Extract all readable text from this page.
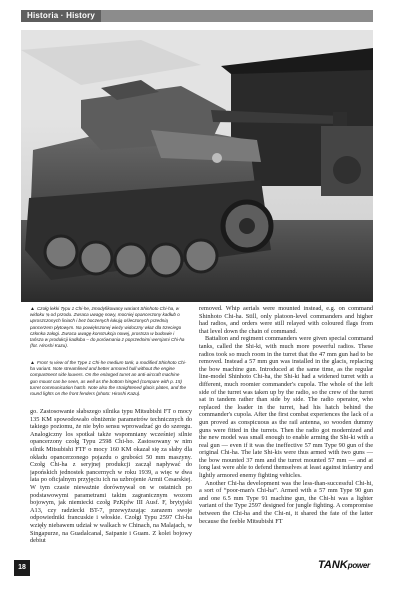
Historia · History

▲ Czołg lekki Typu 1 Chi-he, zmodyfikowany wariant Shinhoto Chi-ha, w widoku ¾ od przodu. Zwraca uwagę nowy, mocniej opancerzony kadłub o uproszczonych liniach i bez boczenych łukują ośleczonych przednią pancerzem płytowym. Na powiększonej wieży widoczny właz dla trzeciego członka załogi. Zwraca uwagę konstrukcja nowej, prostsza w budowie i tańsza w produkcji kadłuba – do porównania z poprzednimi wersjami Chi-ha (fot. Hiroshi Kazu).

▲ Front ¾ view of the Type 1 Chi-he medium tank, a modified Shinhoto Chi-ha variant. Note streamlined and better armored hull without the engine compartment side louvers. On the enlarged turret an anti-aircraft machine gun mount can be seen, as well as the bottom hinged (compare with p. 15) turret communication hatch. Note also the straightened glacis plates, and the round lights on the front fenders (photo: Hiroshi Kazu).

go. Zastosowanie słabszego silnika typu Mitsubishi FT o mocy 135 KM spowodowało obniżenie parametrów technicznych do takiego poziomu, że nie było sensu wprowadzać go do szeregu. Analogiczny los spotkał także wspomniany wcześniej silnie opancerzony czołg Typu 2598 Chi-ho. Zastosowany w nim silnik Mitsubishi FTF o mocy 160 KM okazał się za słaby dla okładu opancerzonego pojazdu o grubości 50 mm maszyny. Czołg Chi-ha z seryjnej produkcji zaczął napływać do japońskich jednostek pancernych w roku 1939, a więc w dwa lata po oficjalnym przyjęciu ich na uzbrojenie Armii Cesarskiej. W tym czasie nieważnie dorównywał on w ostatnich po podstawowymi parametrami takim zagranicznym wozom bojowym, jak niemiecki czołg PzKpfw III Ausf. F, brytyjski A13, czy radziecki BT-7, przewyższając zarazem swoje odpowiedniki francuskie i włoskie. Czołgi Typu 2597 Chi-ha wzięły niebawem udział w walkach w Chinach, na Malajach, w Singapurze, na Guadalcanal, Saipanie i Guam. Z kolei bojowy debiut

removed. Whip aerials were mounted instead, e.g. on command Shinhoto Chi-ha. Still, only platoon-level commanders and higher had radios, and orders were still relayed with coloured flags from that level down the chain of command.

Battalion and regiment commanders were given special command tanks, called the Shi-ki, with much more powerful radios. These radios took so much room in the turret that the 47 mm gun had to be removed. Instead a 57 mm gun was installed in the glacis, replacing the bow machine gun. Introduced at the same time, as the regular line-model Shinhoto Chi-ha, the Shi-ki had a widened turret with a different, much roomier commander's cupola. The whole of the left side of the turret was taken up by the radio, so the crew of the turret sat in tandem rather than side by side. The radio operator, who replaced the loader in the turret, had his hatch behind the commander's cupola. After the first combat experiences the lack of a gun proved as conspicuous as the rail antenna, so wooden dummy guns were fitted in the turrets. Then the radio got modernized and the new model was small enough to enable arming the Shi-ki with a real gun — even if it was the ineffective 57 mm Type 90 gun of the original Chi-ha. The late Shi-kis were thus armed with two guns — the bow mounted 37 mm and the turret mounted 57 mm — and at long last were able to defend themselves at least against infantry and lightly armored enemy fighting vehicles.

Another Chi-ha development was the less-than-successful Chi-hi, a sort of “poor-man's Chi-ha”. Armed with a 57 mm Type 90 gun and one 6.5 mm Type 91 machine gun, the Chi-hi was a lighter variant of the Type 2597 designed for jungle fighting. A compromise between the Chi-ha and the Chi-ni, it shared the fate of the latter because the feeble Mitsubishi FT

18	TANKpower
